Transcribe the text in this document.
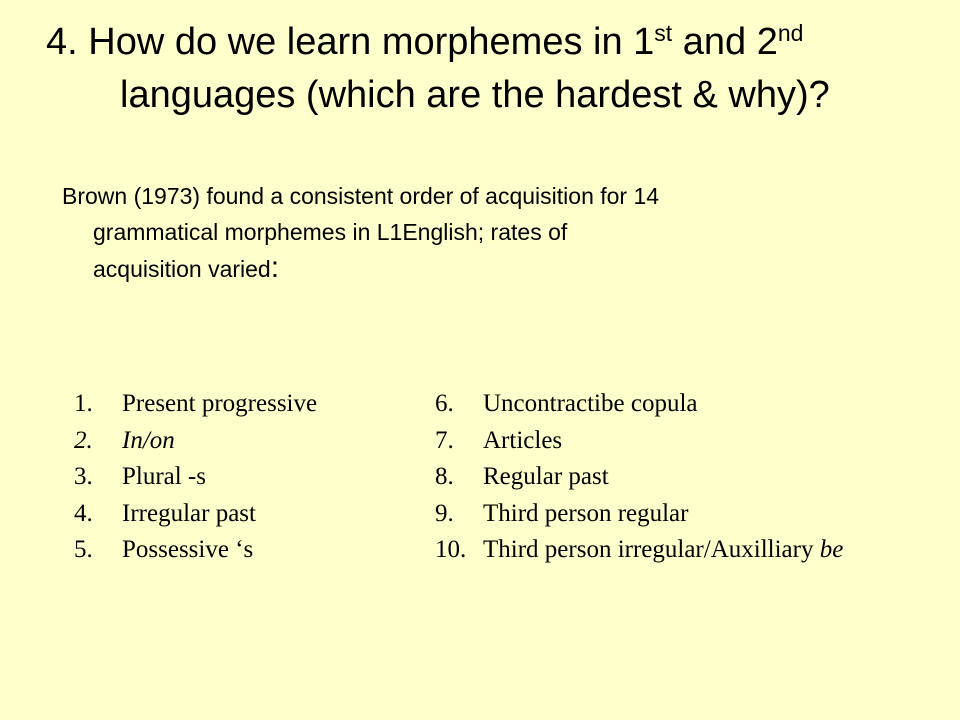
4. How do we learn morphemes in 1st and 2nd
languages (which are the hardest & why)?
Brown (1973) found a consistent order of acquisition for 14
grammatical morphemes in L1English; rates of
acquisition varied:
1. Present progressive
2. In/on
3. Plural -s
4. Irregular past
5. Possessive ‘s
6. Uncontractibe copula
7. Articles
8. Regular past
9. Third person regular
10. Third person irregular/Auxilliary be
